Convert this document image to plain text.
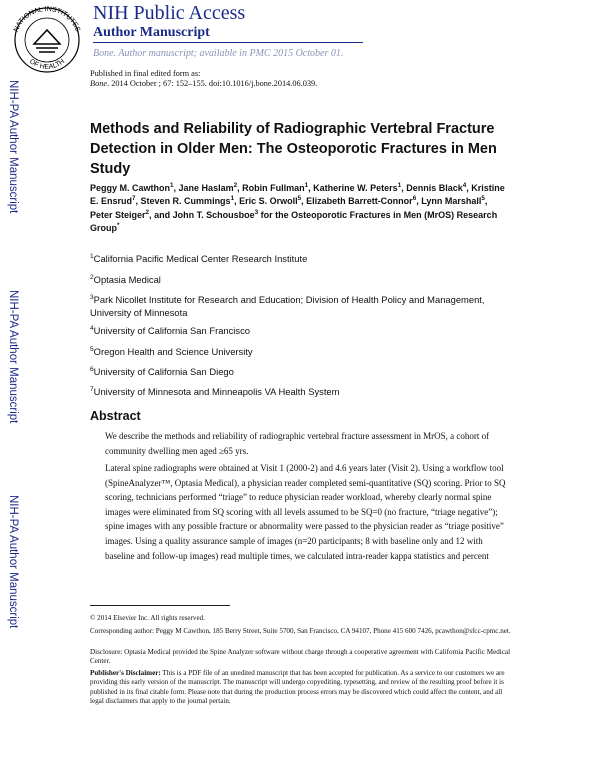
NATIONAL INSTITUTES
OF HEALTH
NIH Public Access
Author Manuscript
Bone. Author manuscript; available in PMC 2015 October 01.
Published in final edited form as:
Bone. 2014 October ; 67: 152–155. doi:10.1016/j.bone.2014.06.039.
NIH-PA Author Manuscript
NIH-PA Author Manuscript
NIH-PA Author Manuscript
Methods and Reliability of Radiographic Vertebral Fracture Detection in Older Men: The Osteoporotic Fractures in Men Study
Peggy M. Cawthon$^1$, Jane Haslam$^2$, Robin Fullman$^1$, Katherine W. Peters$^1$, Dennis Black$^4$, Kristine E. Ensrud$^7$, Steven R. Cummings$^1$, Eric S. Orwoll$^5$, Elizabeth Barrett-Connor$^6$, Lynn Marshall$^5$, Peter Steiger$^2$, and John T. Schousboe$^3$ for the Osteoporotic Fractures in Men (MrOS) Research Group*
$^1$California Pacific Medical Center Research Institute
$^2$Optasia Medical
$^3$Park Nicollet Institute for Research and Education; Division of Health Policy and Management, University of Minnesota
$^4$University of California San Francisco
$^5$Oregon Health and Science University
$^6$University of California San Diego
$^7$University of Minnesota and Minneapolis VA Health System
Abstract
We describe the methods and reliability of radiographic vertebral fracture assessment in MrOS, a cohort of community dwelling men aged ≥65 yrs.
Lateral spine radiographs were obtained at Visit 1 (2000-2) and 4.6 years later (Visit 2). Using a workflow tool (SpineAnalyzer™, Optasia Medical), a physician reader completed semi-quantitative (SQ) scoring. Prior to SQ scoring, technicians performed “triage” to reduce physician reader workload, whereby clearly normal spine images were eliminated from SQ scoring with all levels assumed to be SQ=0 (no fracture, “triage negative”); spine images with any possible fracture or abnormality were passed to the physician reader as “triage positive” images. Using a quality assurance sample of images (n=20 participants; 8 with baseline only and 12 with baseline and follow-up images) read multiple times, we calculated intra-reader kappa statistics and percent
© 2014 Elsevier Inc. All rights reserved.
Corresponding author: Peggy M Cawthon, 185 Berry Street, Suite 5700, San Francisco, CA 94107, Phone 415 600 7426, pcawthon@sfcc-cpmc.net.
Disclosure: Optasia Medical provided the Spine Analyzer software without charge through a cooperative agreement with California Pacific Medical Center.
Publisher's Disclaimer: This is a PDF file of an unedited manuscript that has been accepted for publication. As a service to our customers we are providing this early version of the manuscript. The manuscript will undergo copyediting, typesetting, and review of the resulting proof before it is published in its final citable form. Please note that during the production process errors may be discovered which could affect the content, and all legal disclaimers that apply to the journal pertain.
